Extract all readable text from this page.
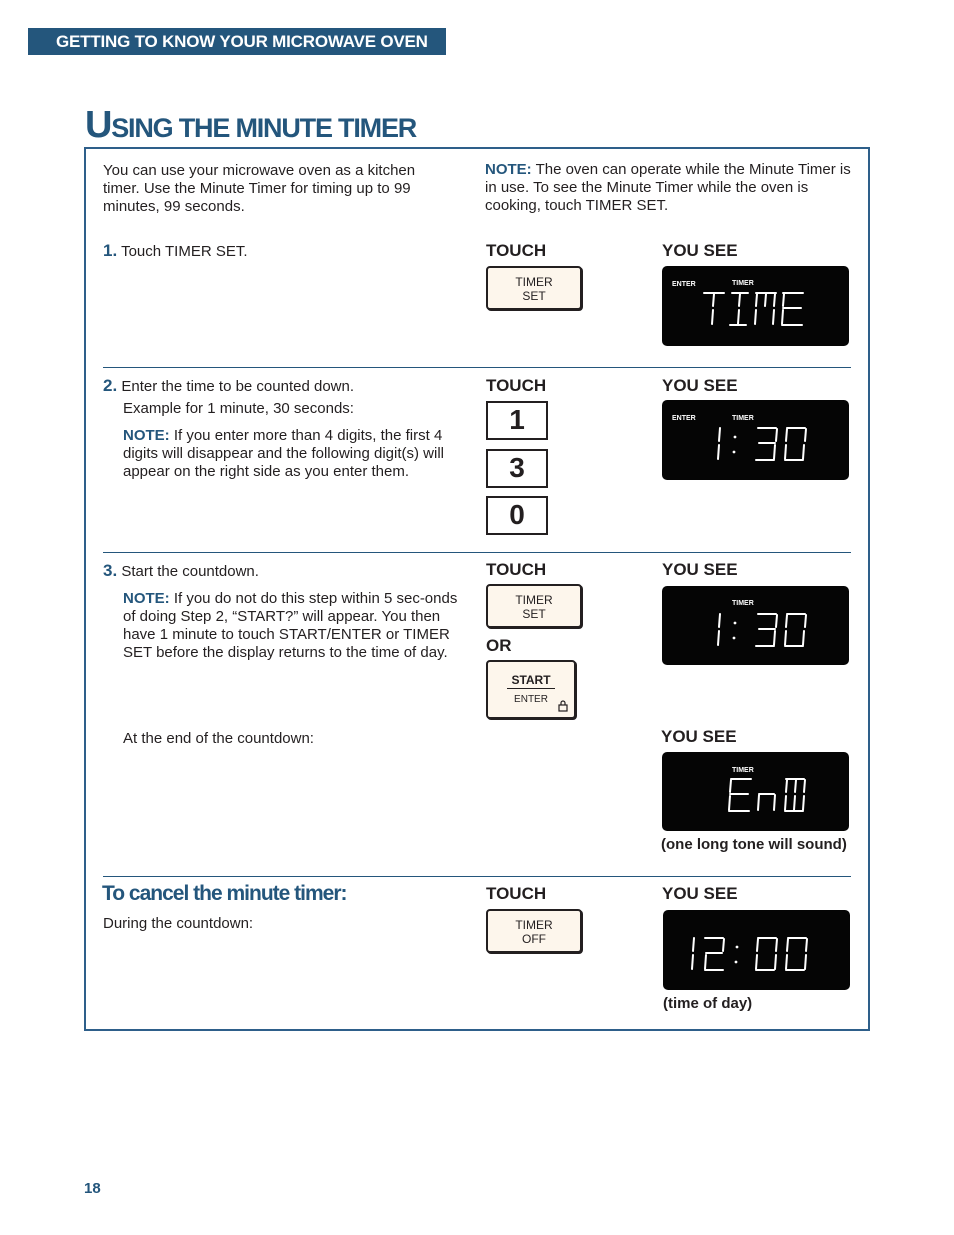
GETTING TO KNOW YOUR MICROWAVE OVEN
USING THE MINUTE TIMER
You can use your microwave oven as a kitchen timer. Use the Minute Timer for timing up to 99 minutes, 99 seconds.
NOTE: The oven can operate while the Minute Timer is in use. To see the Minute Timer while the oven is cooking, touch TIMER SET.
1. Touch TIMER SET.	TOUCH	YOU SEE
TIMER
SET
ENTER	TIMER
2. Enter the time to be counted down.
Example for 1 minute, 30 seconds:
NOTE: If you enter more than 4 digits, the first 4 digits will disappear and the following digit(s) will appear on the right side as you enter them.
TOUCH	YOU SEE
1
3
0
ENTER	TIMER
3. Start the countdown.
NOTE: If you do not do this step within 5 sec-onds of doing Step 2, “START?” will appear. You then have 1 minute to touch START/ENTER or TIMER SET before the display returns to the time of day.
TOUCH	YOU SEE
TIMER
SET
OR
START
ENTER
TIMER
At the end of the countdown:	YOU SEE
TIMER
(one long tone will sound)
To cancel the minute timer:
During the countdown:
TOUCH	YOU SEE
TIMER
OFF
(time of day)
18
